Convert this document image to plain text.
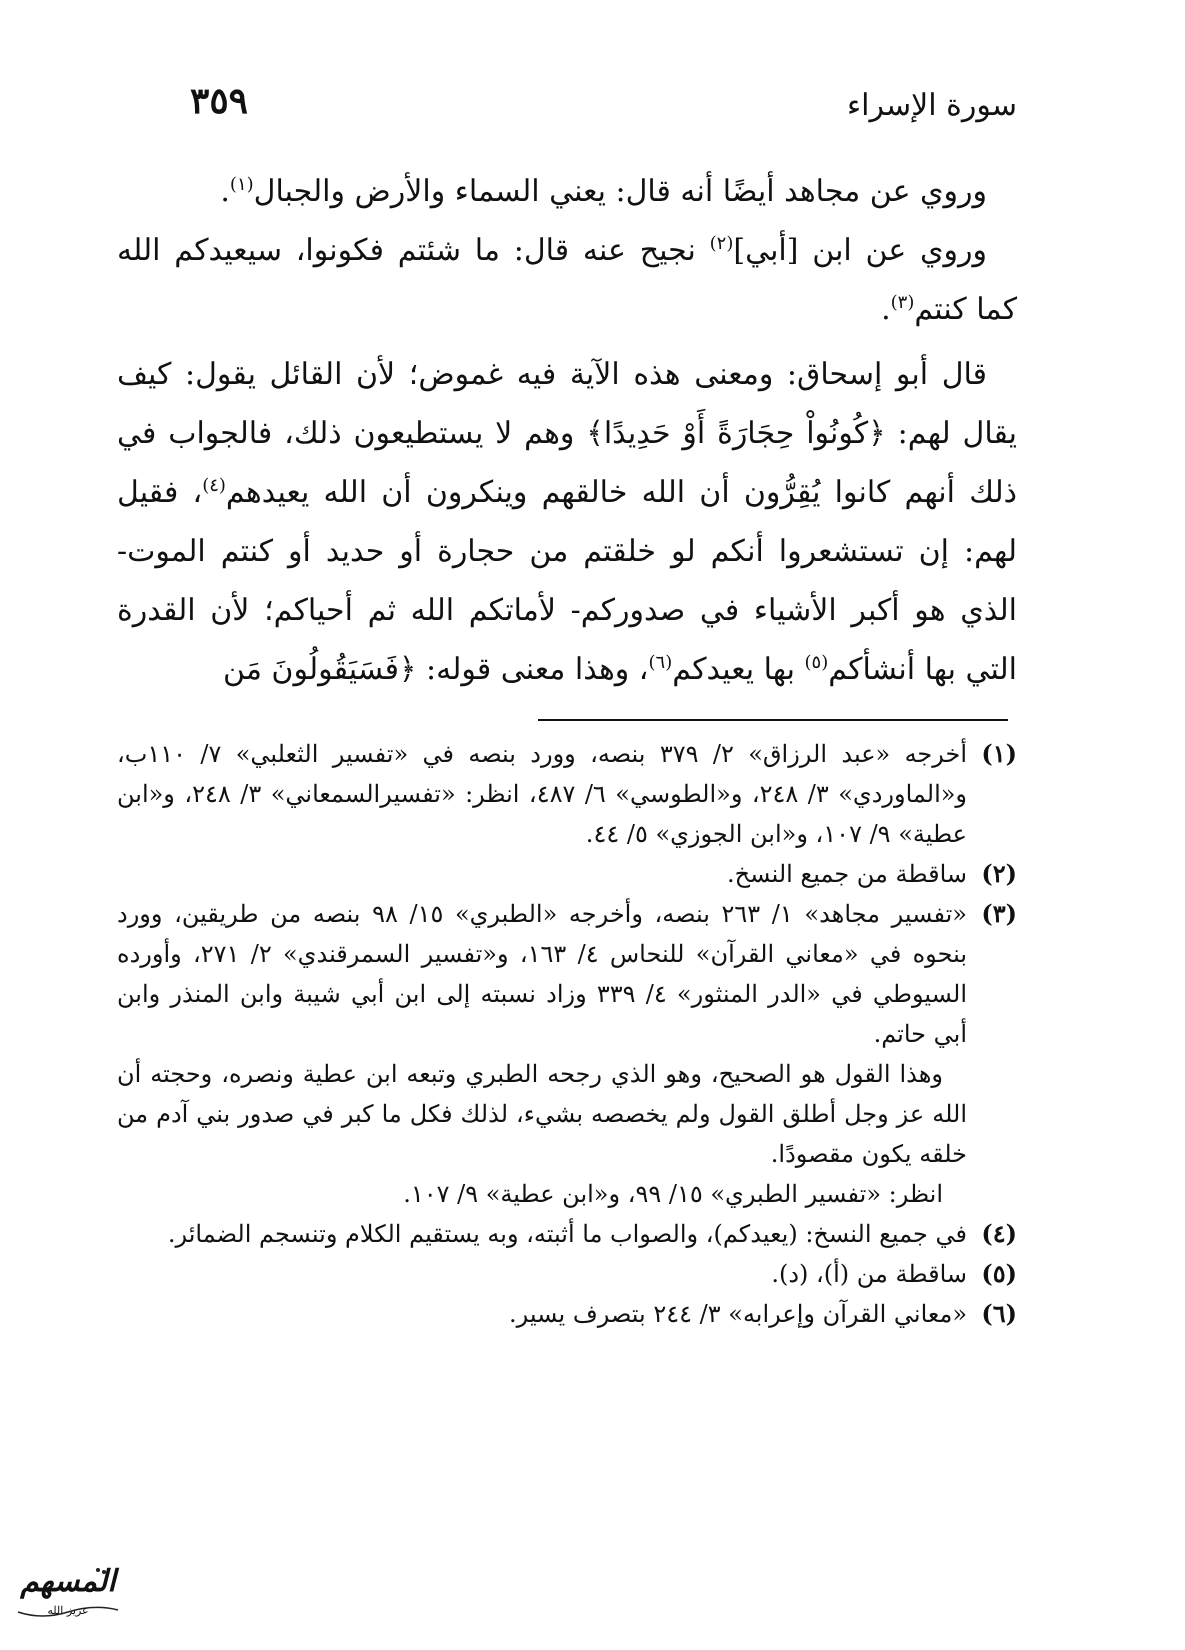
سورة الإسراء
٣٥٩

وروي عن مجاهد أيضًا أنه قال: يعني السماء والأرض والجبال$^{(١)}$.

وروي عن ابن [أبي]$^{(٢)}$ نجيح عنه قال: ما شئتم فكونوا، سيعيدكم الله كما كنتم$^{(٣)}$.

قال أبو إسحاق: ومعنى هذه الآية فيه غموض؛ لأن القائل يقول: كيف يقال لهم: ﴿كُونُواْ حِجَارَةً أَوْ حَدِيدًا﴾ وهم لا يستطيعون ذلك، فالجواب في ذلك أنهم كانوا يُقِرُّون أن الله خالقهم وينكرون أن الله يعيدهم$^{(٤)}$، فقيل لهم: إن تستشعروا أنكم لو خلقتم من حجارة أو حديد أو كنتم الموت- الذي هو أكبر الأشياء في صدوركم- لأماتكم الله ثم أحياكم؛ لأن القدرة التي بها أنشأكم$^{(٥)}$ بها يعيدكم$^{(٦)}$، وهذا معنى قوله: ﴿فَسَيَقُولُونَ مَن

(١)

أخرجه «عبد الرزاق» ٢/ ٣٧٩ بنصه، وورد بنصه في «تفسير الثعلبي» ٧/ ١١٠ب، و«الماوردي» ٣/ ٢٤٨، و«الطوسي» ٦/ ٤٨٧، انظر: «تفسيرالسمعاني» ٣/ ٢٤٨، و«ابن عطية» ٩/ ١٠٧، و«ابن الجوزي» ٥/ ٤٤.

(٢)

ساقطة من جميع النسخ.

(٣)

«تفسير مجاهد» ١/ ٢٦٣ بنصه، وأخرجه «الطبري» ١٥/ ٩٨ بنصه من طريقين، وورد بنحوه في «معاني القرآن» للنحاس ٤/ ١٦٣، و«تفسير السمرقندي» ٢/ ٢٧١، وأورده السيوطي في «الدر المنثور» ٤/ ٣٣٩ وزاد نسبته إلى ابن أبي شيبة وابن المنذر وابن أبي حاتم.

وهذا القول هو الصحيح، وهو الذي رجحه الطبري وتبعه ابن عطية ونصره، وحجته أن الله عز وجل أطلق القول ولم يخصصه بشيء، لذلك فكل ما كبر في صدور بني آدم من خلقه يكون مقصودًا.

انظر: «تفسير الطبري» ١٥/ ٩٩، و«ابن عطية» ٩/ ١٠٧.

(٤)

في جميع النسخ: (يعيدكم)، والصواب ما أثبته، وبه يستقيم الكلام وتنسجم الضمائر.

(٥)

ساقطة من (أ)، (د).

(٦)

«معاني القرآن وإعرابه» ٣/ ٢٤٤ بتصرف يسير.

المسهم
عزيز الله
